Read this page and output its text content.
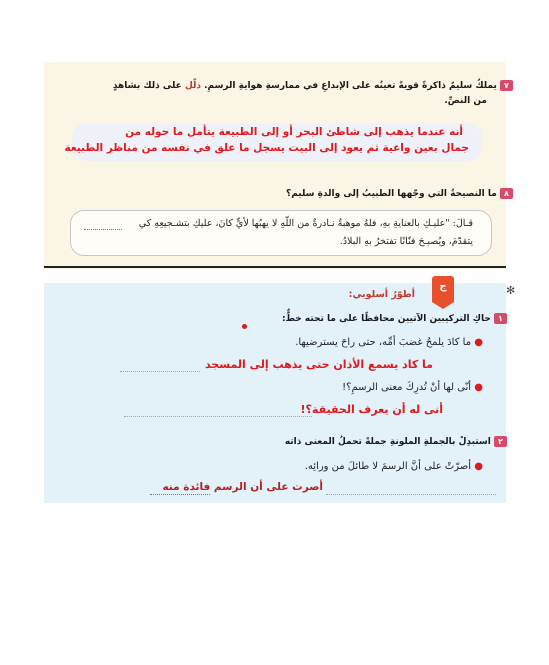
٧ يملكُ سليمٌ ذاكرةً قويةً تعينُه على الإبداعِ في ممارسةِ هوايةِ الرسمِ. دلّل على ذلك بشاهدٍ
من النصِّ.
أنه عندما يذهب إلى شاطئ البحر أو إلى الطبيعة يتأمل ما حوله من
جمال بعين واعية ثم يعود إلى البيت يسجل ما علق في نفسه من مناظر الطبيعة
٨ ما النصيحةُ التي وجّهها الطبيبُ إلى والدةِ سليم؟
قـالَ: "عليـكِ بالعنايةِ بهِ، فلهُ موهبةٌ نـادرةٌ من اللّهِ لا يهبُها لأيٍّ كانَ، عليكِ بتشـجيعِهِ كي
يتقدّمَ، ويُصبـحَ فنّانًا تفتخرُ بهِ البلادُ.
ج	✻
أطوّرُ أسلوبي:
١ حاكِ التركيبين الآتيين محافظًا على ما تحته خطٌّ:
● ما كادَ يلمحُ غضبَ أمِّه، حتى راحَ يسترضيها.
ما كاد يسمع الأذان حتى يذهب إلى المسجد
● أنّى لها أنْ تُدرِكَ معنى الرسمِ؟!
أنى له أن يعرف الحقيقة؟!
٢ استبدِلْ بالجملةِ الملونةِ جملةً تحملُ المعنى ذاته
● أصرّتْ على أنَّ الرسمَ لا طائلَ من ورائِه.
أصرت على أن الرسم فائدة منه
